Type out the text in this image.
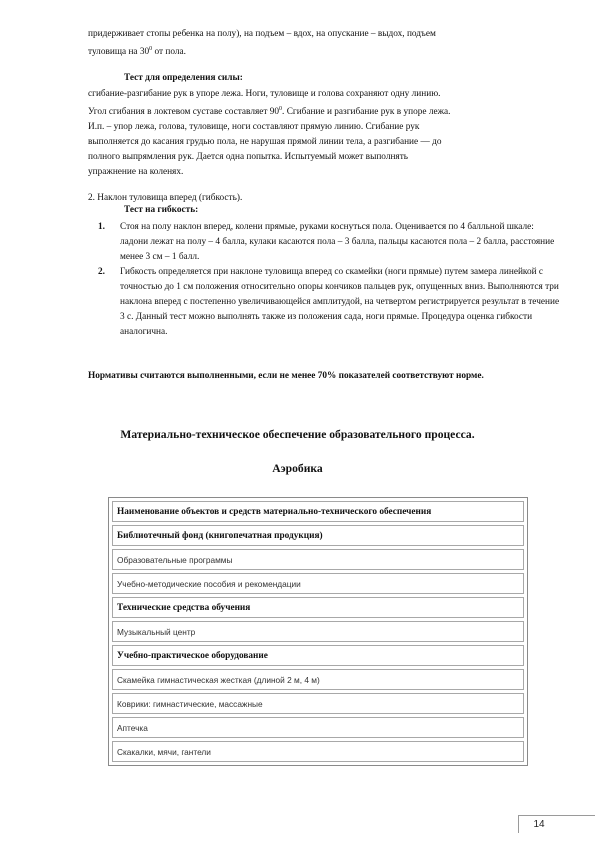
придерживает стопы ребенка на полу), на подъем – вдох, на опускание – выдох, подъем
туловища на $30^0$ от пола.

Тест для определения силы:

сгибание-разгибание рук в упоре лежа. Ноги, туловище и голова сохраняют одну линию.
Угол сгибания в локтевом суставе составляет $90^0$. Сгибание и разгибание рук в упоре лежа.
И.п. – упор лежа, голова, туловище, ноги составляют прямую линию. Сгибание рук
выполняется до касания грудью пола, не нарушая прямой линии тела, а разгибание — до
полного выпрямления рук. Дается одна попытка. Испытуемый может выполнять
упражнение на коленях.

2. Наклон туловища вперед (гибкость).

Тест на гибкость:

1. Стоя на полу наклон вперед, колени прямые, руками коснуться пола. Оценивается по 4 балльной шкале: ладони лежат на полу – 4 балла, кулаки касаются пола – 3 балла, пальцы касаются пола – 2 балла, расстояние менее 3 см – 1 балл.
2. Гибкость определяется при наклоне туловища вперед со скамейки (ноги прямые) путем замера линейкой с точностью до 1 см положения относительно опоры кончиков пальцев рук, опущенных вниз. Выполняются три наклона вперед с постепенно увеличивающейся амплитудой, на четвертом регистрируется результат в течение 3 с. Данный тест можно выполнять также из положения сада, ноги прямые. Процедура оценка гибкости аналогична.

Нормативы считаются выполненными, если не менее 70% показателей соответствуют норме.

Материально-техническое обеспечение образовательного процесса.

Аэробика

Наименование объектов и средств материально-технического обеспечения
Библиотечный фонд (книгопечатная продукция)
Образовательные программы
Учебно-методические пособия и рекомендации
Технические средства обучения
Музыкальный центр
Учебно-практическое оборудование
Скамейка гимнастическая жесткая (длиной 2 м, 4 м)
Коврики: гимнастические, массажные
Аптечка
Скакалки, мячи, гантели
14
